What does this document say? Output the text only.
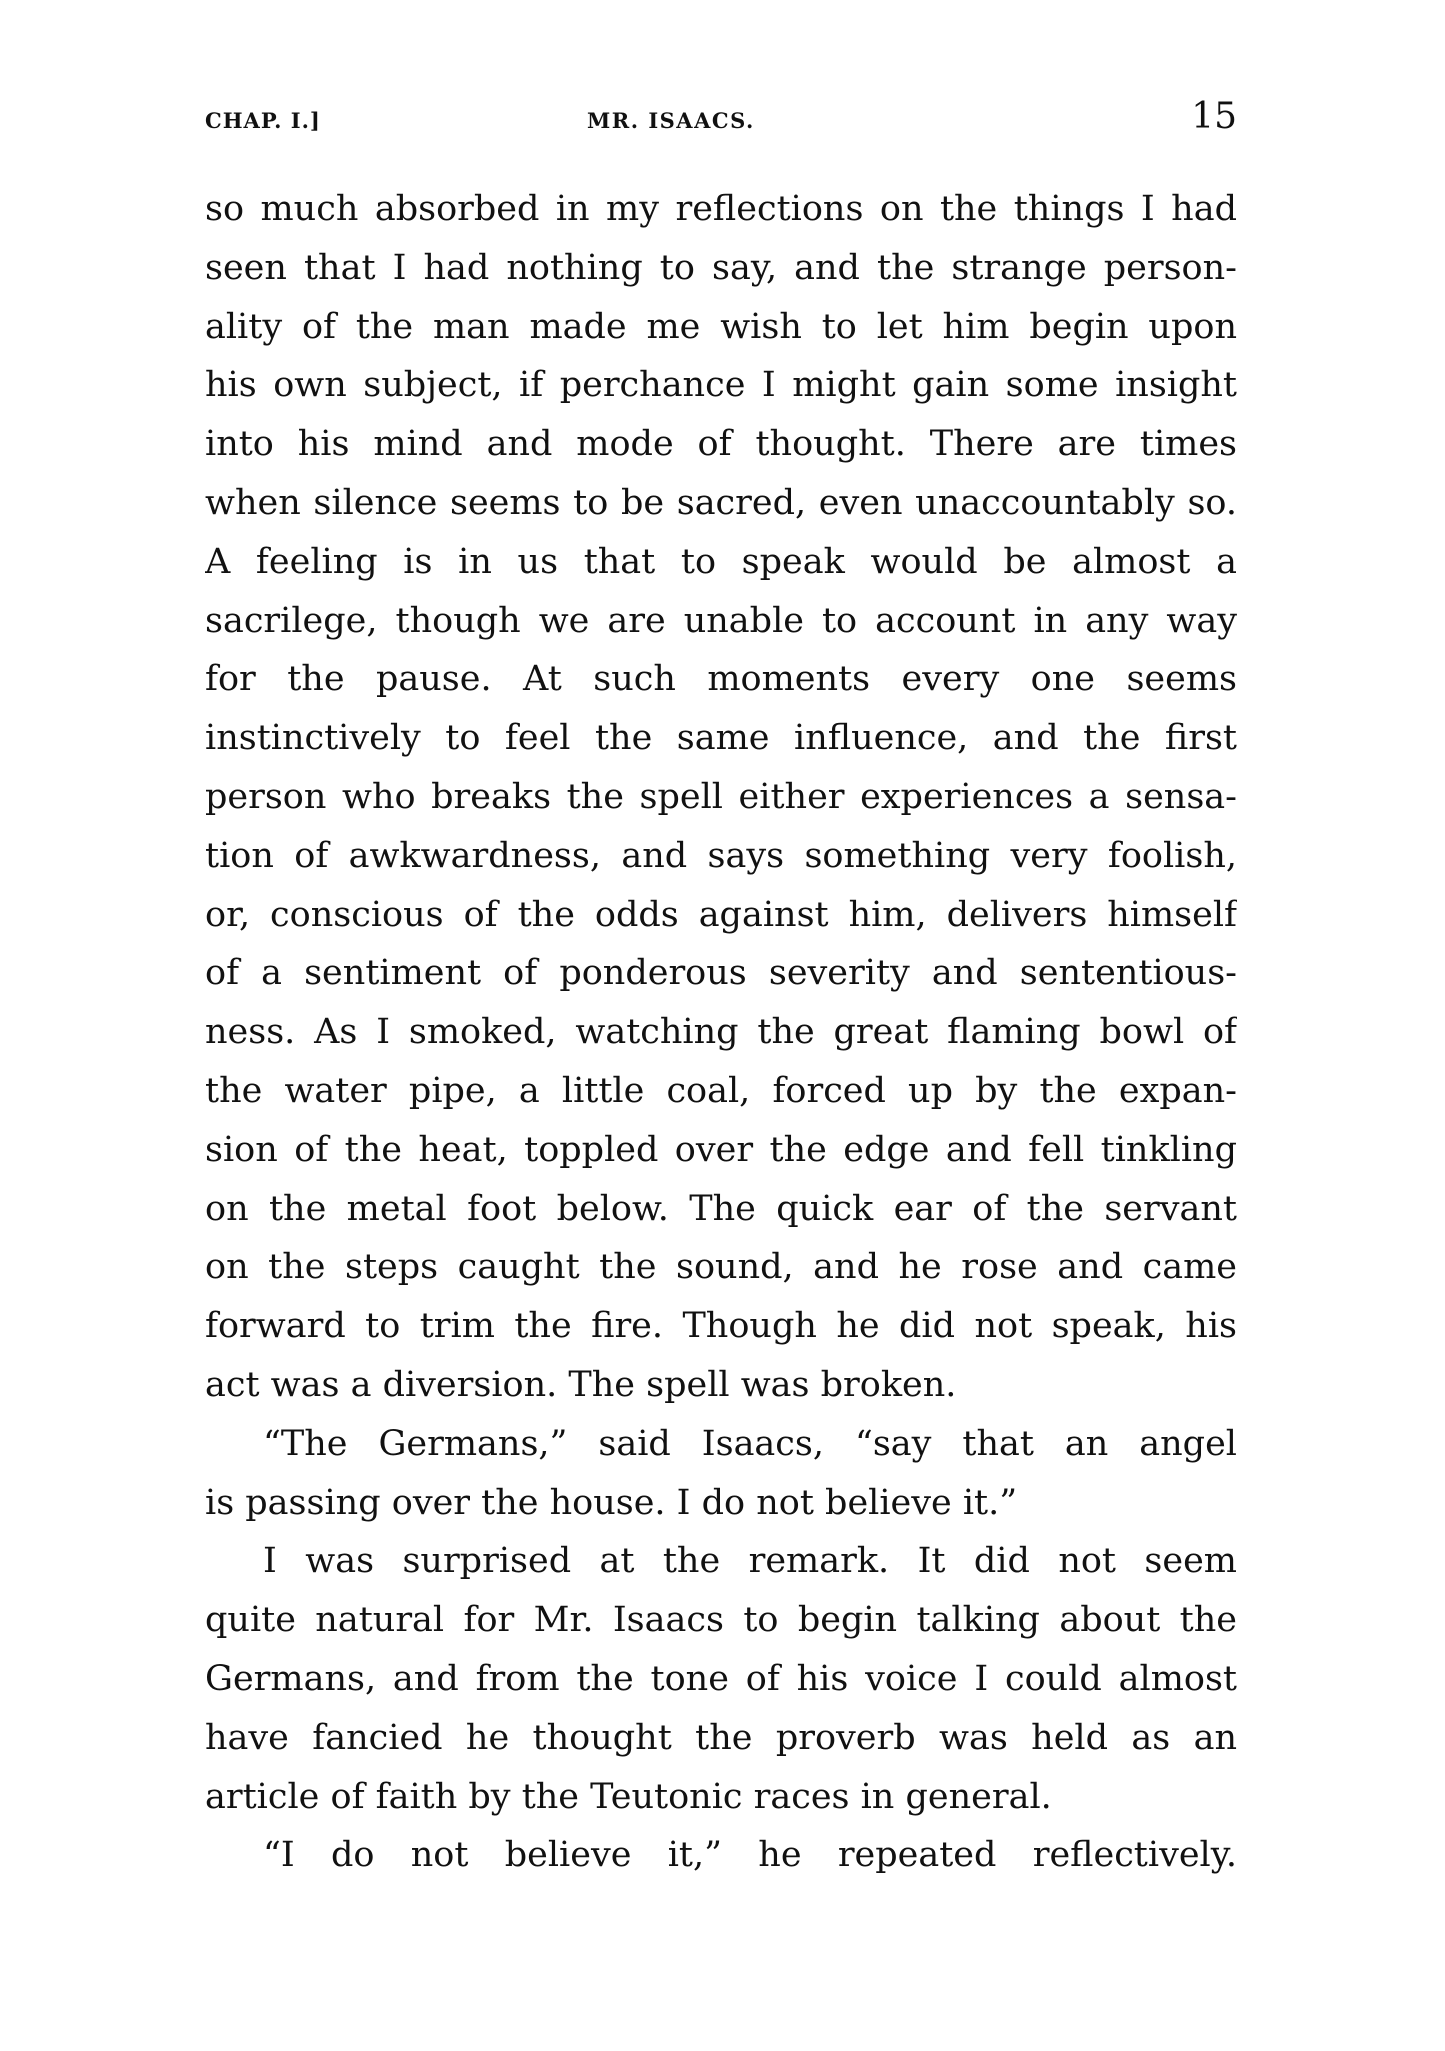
CHAP. I.]	MR. ISAACS.	15
so much absorbed in my reflections on the things I had
seen that I had nothing to say, and the strange person-
ality of the man made me wish to let him begin upon
his own subject, if perchance I might gain some insight
into his mind and mode of thought. There are times
when silence seems to be sacred, even unaccountably so.
A feeling is in us that to speak would be almost a
sacrilege, though we are unable to account in any way
for the pause. At such moments every one seems
instinctively to feel the same influence, and the first
person who breaks the spell either experiences a sensa-
tion of awkwardness, and says something very foolish,
or, conscious of the odds against him, delivers himself
of a sentiment of ponderous severity and sententious-
ness. As I smoked, watching the great flaming bowl of
the water pipe, a little coal, forced up by the expan-
sion of the heat, toppled over the edge and fell tinkling
on the metal foot below. The quick ear of the servant
on the steps caught the sound, and he rose and came
forward to trim the fire. Though he did not speak, his
act was a diversion. The spell was broken.
“The Germans,” said Isaacs, “say that an angel
is passing over the house. I do not believe it.”
I was surprised at the remark. It did not seem
quite natural for Mr. Isaacs to begin talking about the
Germans, and from the tone of his voice I could almost
have fancied he thought the proverb was held as an
article of faith by the Teutonic races in general.
“I do not believe it,” he repeated reflectively.
